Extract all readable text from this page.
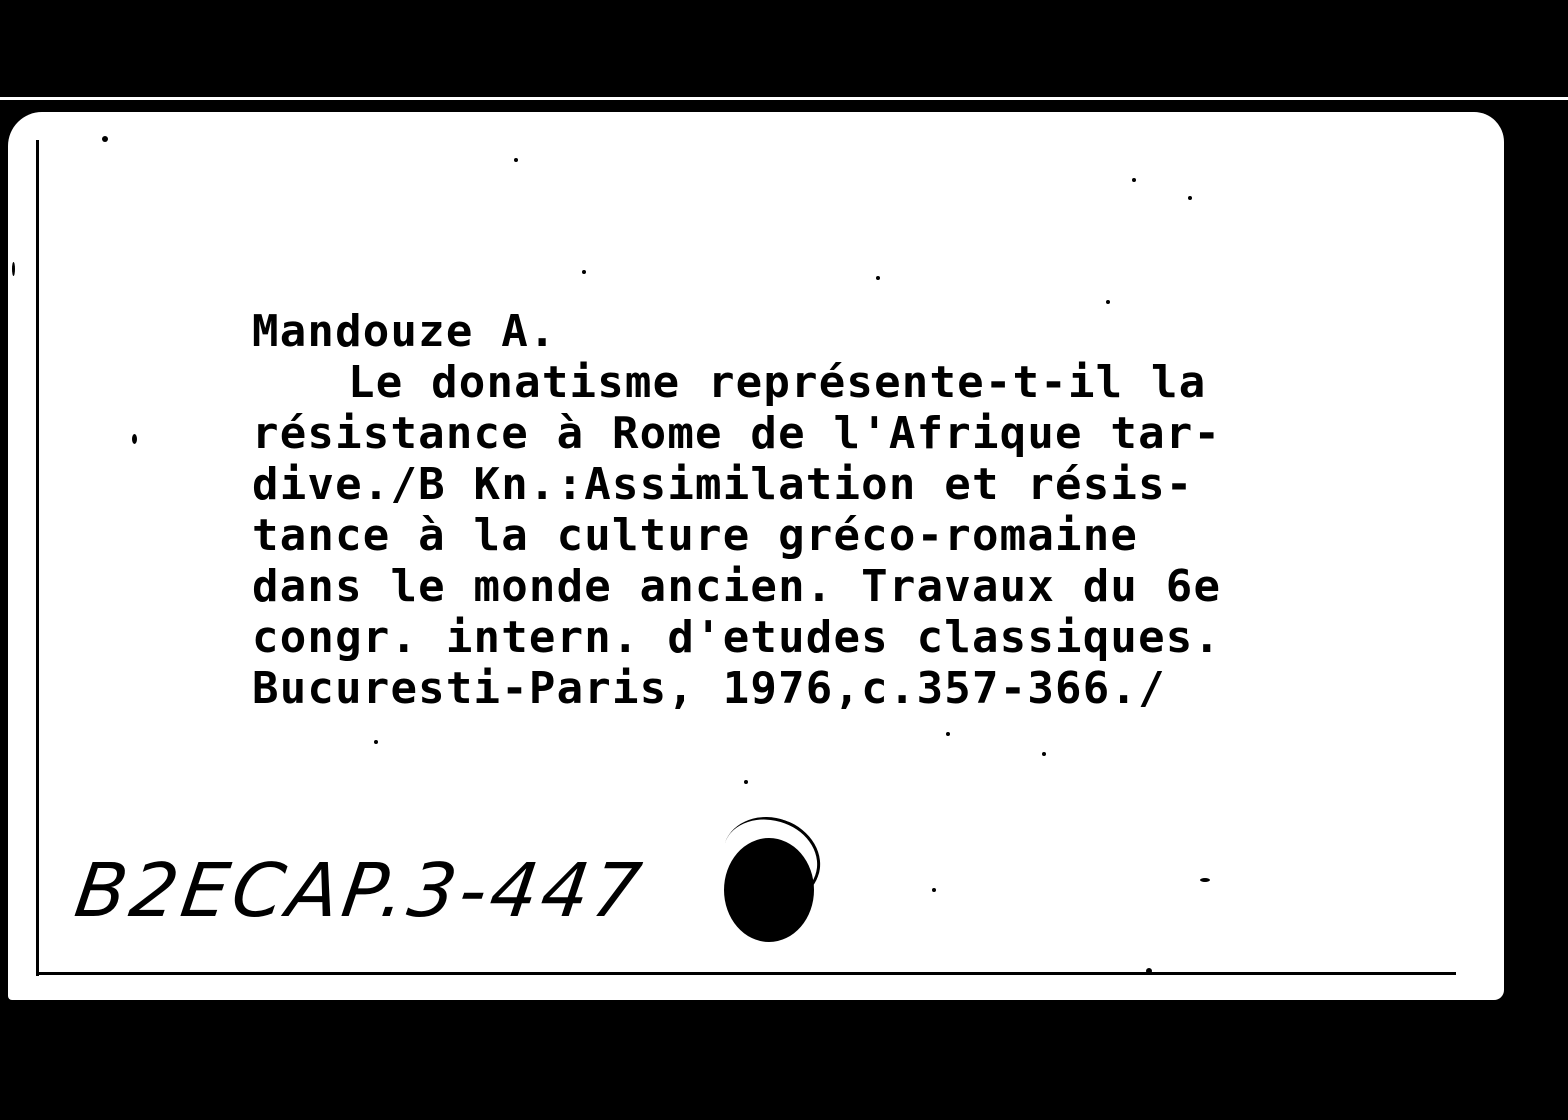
Mandouze A.
Le donatisme représente-t-il la
résistance à Rome de l'Afrique tar-
dive./B Kn.:Assimilation et résis-
tance à la culture gréco-romaine
dans le monde ancien. Travaux du 6e
congr. intern. d'etudes classiques.
Bucuresti-Paris, 1976,c.357-366./
B2ECAP.3-447
